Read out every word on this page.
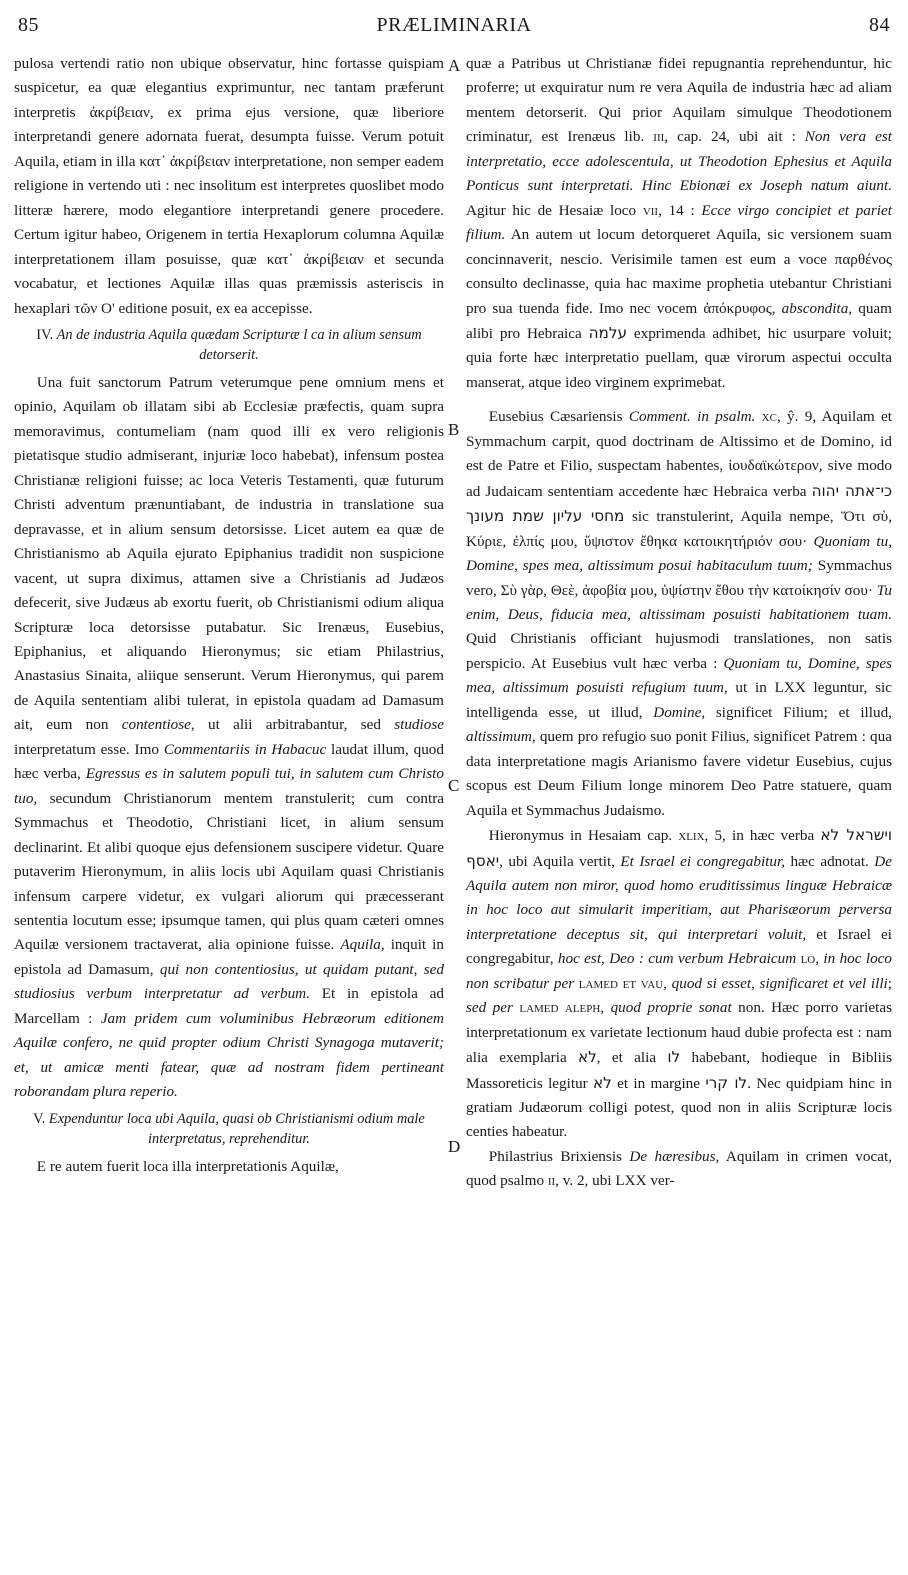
85	PRÆLIMINARIA	84
A
B
C
D

pulosa vertendi ratio non ubique observatur, hinc fortasse quispiam suspicetur, ea quæ elegantius exprimuntur, nec tantam præferunt interpretis ἀκρίβειαν, ex prima ejus versione, quæ liberiore interpretandi genere adornata fuerat, desumpta fuisse. Verum potuit Aquila, etiam in illa κατ᾽ ἀκρίβειαν interpretatione, non semper eadem religione in vertendo uti : nec insolitum est interpretes quoslibet modo litteræ hærere, modo elegantiore interpretandi genere procedere. Certum igitur habeo, Origenem in tertia Hexaplorum columna Aquilæ interpretationem illam posuisse, quæ κατ᾽ ἀκρίβειαν et secunda vocabatur, et lectiones Aquilæ illas quas præmissis asteriscis in hexaplari τῶν Ο' editione posuit, ex ea accepisse.

IV. An de industria Aquila quædam Scripturæ l ca in alium sensum detorserit.

Una fuit sanctorum Patrum veterumque pene omnium mens et opinio, Aquilam ob illatam sibi ab Ecclesiæ præfectis, quam supra memoravimus, contumeliam (nam quod illi ex vero religionis pietatisque studio admiserant, injuriæ loco habebat), infensum postea Christianæ religioni fuisse; ac loca Veteris Testamenti, quæ futurum Christi adventum prænuntiabant, de industria in translatione sua depravasse, et in alium sensum detorsisse. Licet autem ea quæ de Christianismo ab Aquila ejurato Epiphanius tradidit non suspicione vacent, ut supra diximus, attamen sive a Christianis ad Judæos defecerit, sive Judæus ab exortu fuerit, ob Christianismi odium aliqua Scripturæ loca detorsisse putabatur. Sic Irenæus, Eusebius, Epiphanius, et aliquando Hieronymus; sic etiam Philastrius, Anastasius Sinaita, aliique senserunt. Verum Hieronymus, qui parem de Aquila sententiam alibi tulerat, in epistola quadam ad Damasum ait, eum non contentiose, ut alii arbitrabantur, sed studiose interpretatum esse. Imo Commentariis in Habacuc laudat illum, quod hæc verba, Egressus es in salutem populi tui, in salutem cum Christo tuo, secundum Christianorum mentem transtulerit; cum contra Symmachus et Theodotio, Christiani licet, in alium sensum declinarint. Et alibi quoque ejus defensionem suscipere videtur. Quare putaverim Hieronymum, in aliis locis ubi Aquilam quasi Christianis infensum carpere videtur, ex vulgari aliorum qui præcesserant sententia locutum esse; ipsumque tamen, qui plus quam cæteri omnes Aquilæ versionem tractaverat, alia opinione fuisse. Aquila, inquit in epistola ad Damasum, qui non contentiosius, ut quidam putant, sed studiosius verbum interpretatur ad verbum. Et in epistola ad Marcellam : Jam pridem cum voluminibus Hebræorum editionem Aquilæ confero, ne quid propter odium Christi Synagoga mutaverit; et, ut amicæ menti fatear, quæ ad nostram fidem pertineant roborandam plura reperio.

V. Expenduntur loca ubi Aquila, quasi ob Christianismi odium male interpretatus, reprehenditur.

E re autem fuerit loca illa interpretationis Aquilæ,

quæ a Patribus ut Christianæ fidei repugnantia reprehenduntur, hic proferre; ut exquiratur num re vera Aquila de industria hæc ad aliam mentem detorserit. Qui prior Aquilam simulque Theodotionem criminatur, est Irenæus lib. iii, cap. 24, ubi ait : Non vera est interpretatio, ecce adolescentula, ut Theodotion Ephesius et Aquila Ponticus sunt interpretati. Hinc Ebionæi ex Joseph natum aiunt. Agitur hic de Hesaiæ loco vii, 14 : Ecce virgo concipiet et pariet filium. An autem ut locum detorqueret Aquila, sic versionem suam concinnaverit, nescio. Verisimile tamen est eum a voce παρθένος consulto declinasse, quia hac maxime prophetia utebantur Christiani pro sua tuenda fide. Imo nec vocem ἀπόκρυφος, abscondita, quam alibi pro Hebraica עלמה exprimenda adhibet, hic usurpare voluit; quia forte hæc interpretatio puellam, quæ virorum aspectui occulta manserat, atque ideo virginem exprimebat.

Eusebius Cæsariensis Comment. in psalm. xc, ŷ. 9, Aquilam et Symmachum carpit, quod doctrinam de Altissimo et de Domino, id est de Patre et Filio, suspectam habentes, ἰουδαϊκώτερον, sive modo ad Judaicam sententiam accedente hæc Hebraica verba כי־אתה יהוה מחסי עליון שמת מעונך sic transtulerint, Aquila nempe, Ὅτι σὺ, Κύριε, ἐλπίς μου, ὕψιστον ἔθηκα κατοικητήριόν σου· Quoniam tu, Domine, spes mea, altissimum posui habitaculum tuum; Symmachus vero, Σὺ γὰρ, Θεὲ, ἀφοβία μου, ὑψίστην ἔθου τὴν κατοίκησίν σου· Tu enim, Deus, fiducia mea, altissimam posuisti habitationem tuam. Quid Christianis officiant hujusmodi translationes, non satis perspicio. At Eusebius vult hæc verba : Quoniam tu, Domine, spes mea, altissimum posuisti refugium tuum, ut in LXX leguntur, sic intelligenda esse, ut illud, Domine, significet Filium; et illud, altissimum, quem pro refugio suo ponit Filius, significet Patrem : qua data interpretatione magis Arianismo favere videtur Eusebius, cujus scopus est Deum Filium longe minorem Deo Patre statuere, quam Aquila et Symmachus Judaismo.

Hieronymus in Hesaiam cap. xlix, 5, in hæc verba וישראל לא יאסף, ubi Aquila vertit, Et Israel ei congregabitur, hæc adnotat. De Aquila autem non miror, quod homo eruditissimus linguæ Hebraicæ in hoc loco aut simularit imperitiam, aut Pharisæorum perversa interpretatione deceptus sit, qui interpretari voluit, et Israel ei congregabitur, hoc est, Deo : cum verbum Hebraicum lo, in hoc loco non scribatur per lamed et vau, quod si esset, significaret et vel illi; sed per lamed aleph, quod proprie sonat non. Hæc porro varietas interpretationum ex varietate lectionum haud dubie profecta est : nam alia exemplaria לא, et alia לו habebant, hodieque in Bibliis Massoreticis legitur לא et in margine לו קרי. Nec quidpiam hinc in gratiam Judæorum colligi potest, quod non in aliis Scripturæ locis centies habeatur.

Philastrius Brixiensis De hæresibus, Aquilam in crimen vocat, quod psalmo ii, v. 2, ubi LXX ver-
